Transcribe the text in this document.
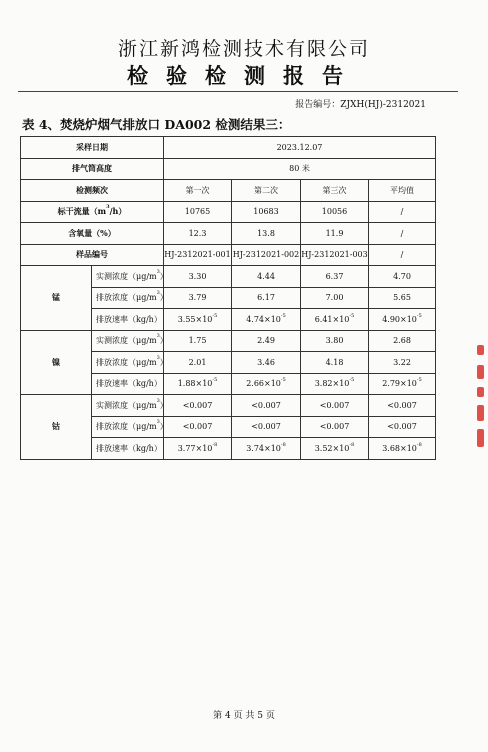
浙江新鸿检测技术有限公司
检验检测报告
报告编号：ZJXH(HJ)-2312021
表 4、焚烧炉烟气排放口 DA002 检测结果三：
采样日期		2023.12.07			
排气筒高度		80 米			
检测频次		第一次	第二次	第三次	平均值
标干流量$(m^3/h)$		10765	10683	10056	/
含氧量（%）		12.3	13.8	11.9	/
样品编号		HJ-2312021-001	HJ-2312021-002	HJ-2312021-003	/
锰	实测浓度$(\mu g/m^3)$	3.30	4.44	6.37	4.70
	排放浓度$(\mu g/m^3)$	3.79	6.17	7.00	5.65
	排放速率（kg/h）	$3.55\times 10^{-5}$	$4.74\times 10^{-5}$	$6.41\times 10^{-5}$	$4.90\times 10^{-5}$
镍	实测浓度$(\mu g/m^3)$	1.75	2.49	3.80	2.68
	排放浓度$(\mu g/m^3)$	2.01	3.46	4.18	3.22
	排放速率（kg/h）	$1.88\times 10^{-5}$	$2.66\times 10^{-5}$	$3.82\times 10^{-5}$	$2.79\times 10^{-5}$
钴	实测浓度$(\mu g/m^3)$	<0.007	<0.007	<0.007	<0.007
	排放浓度$(\mu g/m^3)$	<0.007	<0.007	<0.007	<0.007
	排放速率（kg/h）	$3.77\times 10^{-8}$	$3.74\times 10^{-8}$	$3.52\times 10^{-8}$	$3.68\times 10^{-8}$
第 4 页 共 5 页
